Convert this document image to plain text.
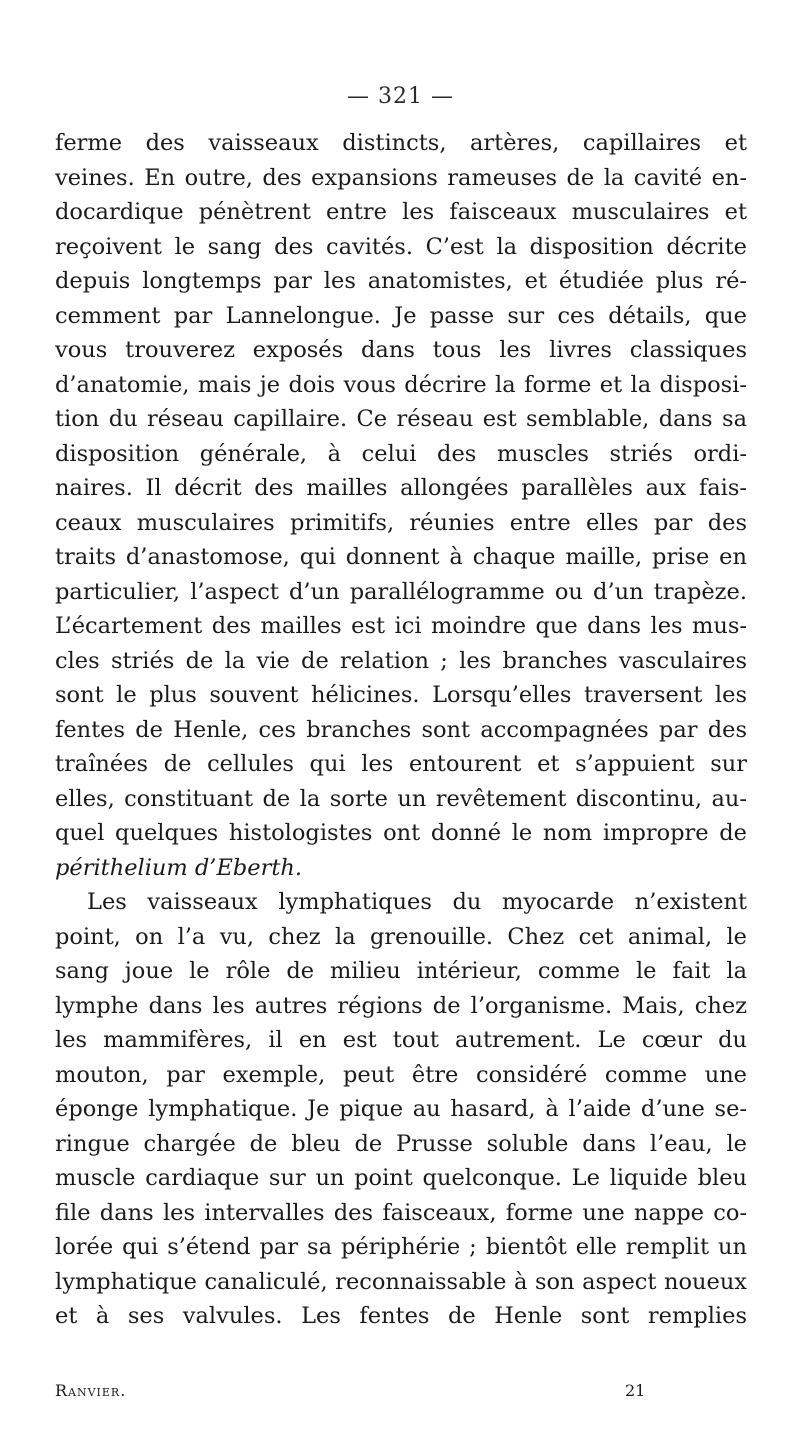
— 321 —
ferme des vaisseaux distincts, artères, capillaires et
veines. En outre, des expansions rameuses de la cavité en-
docardique pénètrent entre les faisceaux musculaires et
reçoivent le sang des cavités. C’est la disposition décrite
depuis longtemps par les anatomistes, et étudiée plus ré-
cemment par Lannelongue. Je passe sur ces détails, que
vous trouverez exposés dans tous les livres classiques
d’anatomie, mais je dois vous décrire la forme et la disposi-
tion du réseau capillaire. Ce réseau est semblable, dans sa
disposition générale, à celui des muscles striés ordi-
naires. Il décrit des mailles allongées parallèles aux fais-
ceaux musculaires primitifs, réunies entre elles par des
traits d’anastomose, qui donnent à chaque maille, prise en
particulier, l’aspect d’un parallélogramme ou d’un trapèze.
L’écartement des mailles est ici moindre que dans les mus-
cles striés de la vie de relation ; les branches vasculaires
sont le plus souvent hélicines. Lorsqu’elles traversent les
fentes de Henle, ces branches sont accompagnées par des
traînées de cellules qui les entourent et s’appuient sur
elles, constituant de la sorte un revêtement discontinu, au-
quel quelques histologistes ont donné le nom impropre de
périthelium d’Eberth.
Les vaisseaux lymphatiques du myocarde n’existent
point, on l’a vu, chez la grenouille. Chez cet animal, le
sang joue le rôle de milieu intérieur, comme le fait la
lymphe dans les autres régions de l’organisme. Mais, chez
les mammifères, il en est tout autrement. Le cœur du
mouton, par exemple, peut être considéré comme une
éponge lymphatique. Je pique au hasard, à l’aide d’une se-
ringue chargée de bleu de Prusse soluble dans l’eau, le
muscle cardiaque sur un point quelconque. Le liquide bleu
file dans les intervalles des faisceaux, forme une nappe co-
lorée qui s’étend par sa périphérie ; bientôt elle remplit un
lymphatique canaliculé, reconnaissable à son aspect noueux
et à ses valvules. Les fentes de Henle sont remplies
Ranvier.	21
